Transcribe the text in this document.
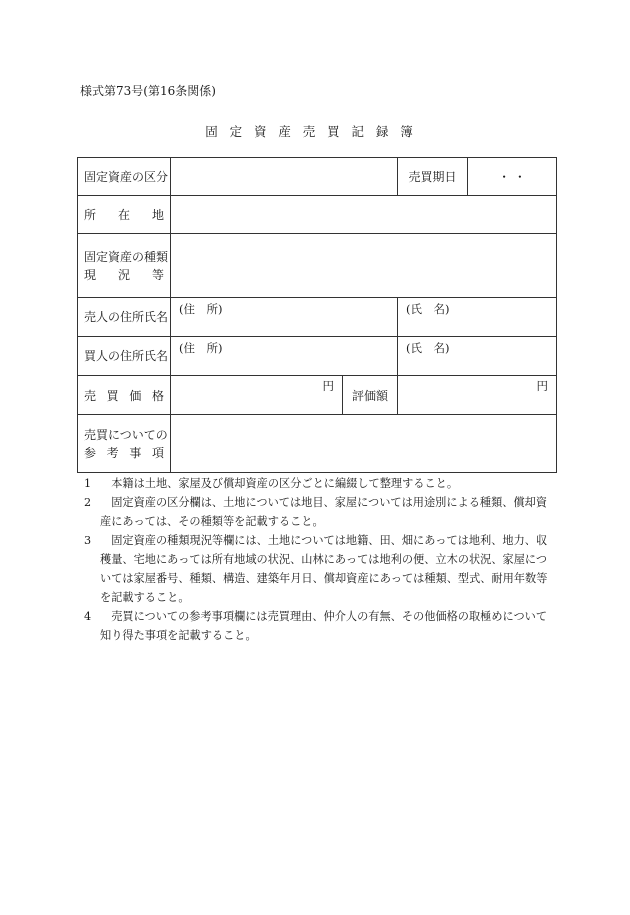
様式第73号(第16条関係)
固定資産売買記録簿
固定資産の区分			売買期日	・ ・

所在地				

固定資産の種類
現況等				

売人の住所氏名	(住　所)		(氏　名)	

買人の住所氏名	(住　所)		(氏　名)	

売買価格	円	評価額	円	

売買についての
参考事項				

1	本籍は土地、家屋及び償却資産の区分ごとに編綴して整理すること。
2	固定資産の区分欄は、土地については地目、家屋については用途別による種類、償却資産にあっては、その種類等を記載すること。
3	固定資産の種類現況等欄には、土地については地籍、田、畑にあっては地利、地力、収穫量、宅地にあっては所有地域の状況、山林にあっては地利の便、立木の状況、家屋については家屋番号、種類、構造、建築年月日、償却資産にあっては種類、型式、耐用年数等を記載すること。
4	売買についての参考事項欄には売買理由、仲介人の有無、その他価格の取極めについて知り得た事項を記載すること。
